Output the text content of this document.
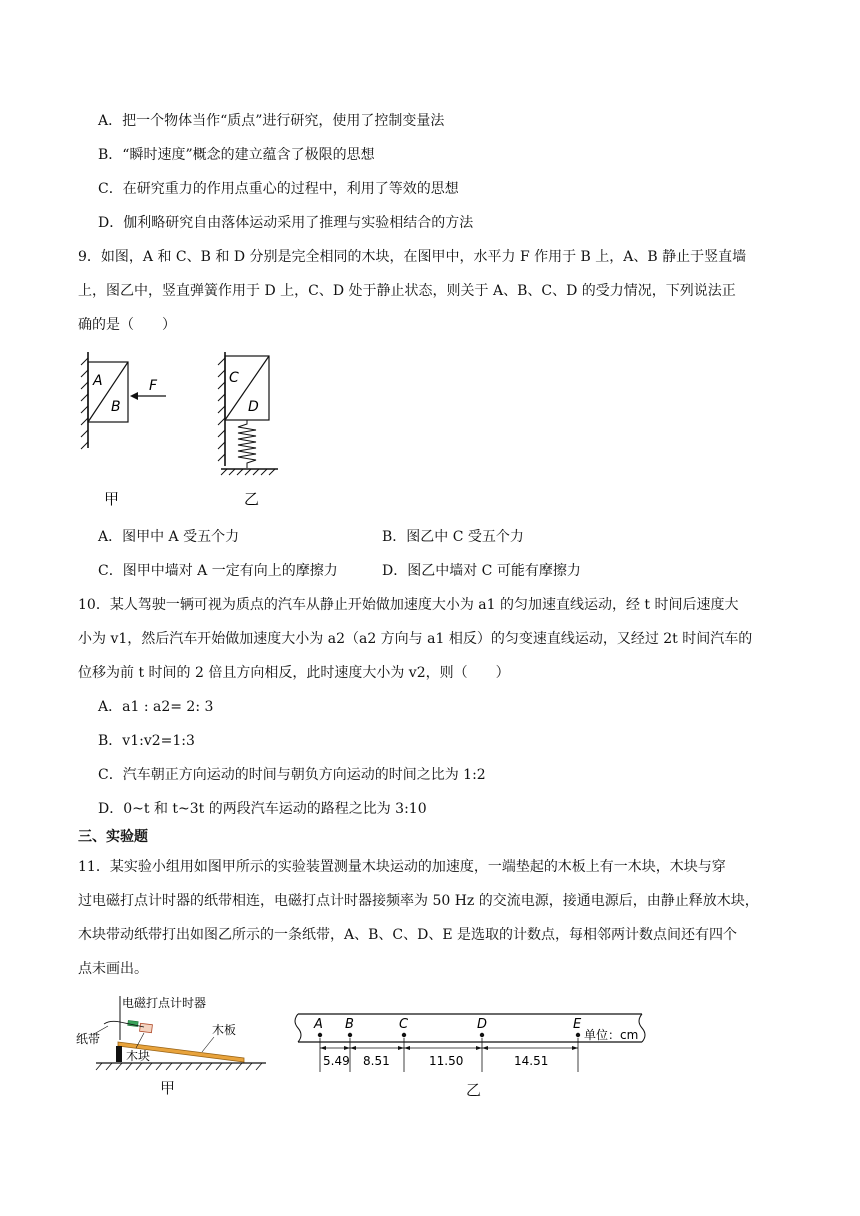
A．把一个物体当作“质点”进行研究，使用了控制变量法
B．“瞬时速度”概念的建立蕴含了极限的思想
C．在研究重力的作用点重心的过程中，利用了等效的思想
D．伽利略研究自由落体运动采用了推理与实验相结合的方法
9．如图，A 和 C、B 和 D 分别是完全相同的木块，在图甲中，水平力 F 作用于 B 上，A、B 静止于竖直墙
上，图乙中，竖直弹簧作用于 D 上，C、D 处于静止状态，则关于 A、B、C、D 的受力情况，下列说法正
确的是（　　）
A
B
F
甲
C
D
乙
A．图甲中 A 受五个力	B．图乙中 C 受五个力
C．图甲中墙对 A 一定有向上的摩擦力	D．图乙中墙对 C 可能有摩擦力
10．某人驾驶一辆可视为质点的汽车从静止开始做加速度大小为 a1 的匀加速直线运动，经 t 时间后速度大
小为 v1，然后汽车开始做加速度大小为 a2（a2 方向与 a1 相反）的匀变速直线运动，又经过 2t 时间汽车的
位移为前 t 时间的 2 倍且方向相反，此时速度大小为 v2，则（　　）
A．a1 : a2= 2: 3
B．v1:v2=1:3
C．汽车朝正方向运动的时间与朝负方向运动的时间之比为 1:2
D．0~t 和 t~3t 的两段汽车运动的路程之比为 3:10
三、实验题
11．某实验小组用如图甲所示的实验装置测量木块运动的加速度，一端垫起的木板上有一木块，木块与穿
过电磁打点计时器的纸带相连，电磁打点计时器接频率为 50 Hz 的交流电源，接通电源后，由静止释放木块，
木块带动纸带打出如图乙所示的一条纸带，A、B、C、D、E 是选取的计数点，每相邻两计数点间还有四个
点未画出。
电磁打点计时器
纸带
木板
木块
甲
A B	C	D	E
单位：cm
5.49 8.51	11.50	14.51
乙
